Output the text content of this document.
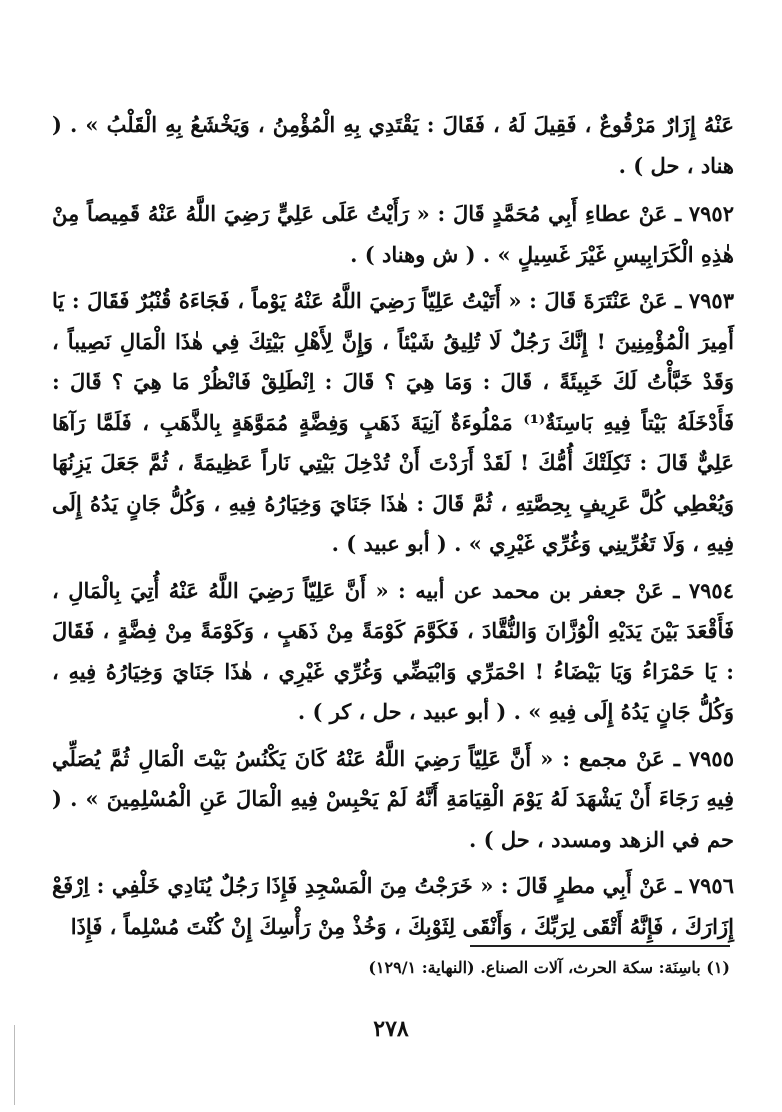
عَنْهُ إِزَارٌ مَرْقُوعٌ ، فَقِيلَ لَهُ ، فَقَالَ : يَقْتَدِي بِهِ الْمُؤْمِنُ ، وَيَخْشَعُ بِهِ الْقَلْبُ » . ( هناد ، حل ) .

٧٩٥٢ ـ عَنْ عطاءِ أَبِي مُحَمَّدٍ قَالَ : « رَأَيْتُ عَلَى عَلِيٍّ رَضِيَ اللَّهُ عَنْهُ قَمِيصاً مِنْ هٰذِهِ الْكَرَابِيسِ غَيْرَ غَسِيلٍ » . ( ش وهناد ) .

٧٩٥٣ ـ عَنْ عَنْتَرَةَ قَالَ : « أَتَيْتُ عَلِيّاً رَضِيَ اللَّهُ عَنْهُ يَوْماً ، فَجَاءَهُ قُنْبُرٌ فَقَالَ : يَا أَمِيرَ الْمُؤْمِنِينَ ! إِنَّكَ رَجُلٌ لَا تُلِيقُ شَيْئاً ، وَإِنَّ لِأَهْلِ بَيْتِكَ فِي هٰذَا الْمَالِ نَصِيباً ، وَقَدْ خَبَّأْتُ لَكَ خَبِيئَةً ، قَالَ : وَمَا هِيَ ؟ قَالَ : اِنْطَلِقْ فَانْظُرْ مَا هِيَ ؟ قَالَ : فَأَدْخَلَهُ بَيْتاً فِيهِ بَاسِنَةٌ⁽¹⁾ مَمْلُوءَةٌ آنِيَةَ ذَهَبٍ وَفِضَّةٍ مُمَوَّهَةٍ بِالذَّهَبِ ، فَلَمَّا رَآهَا عَلِيٌّ قَالَ : ثَكِلَتْكَ أُمُّكَ ! لَقَدْ أَرَدْتَ أَنْ تُدْخِلَ بَيْتِي نَاراً عَظِيمَةً ، ثُمَّ جَعَلَ يَزِنُهَا وَيُعْطِي كُلَّ عَرِيفٍ بِحِصَّتِهِ ، ثُمَّ قَالَ : هٰذَا جَنَايَ وَخِيَارُهُ فِيهِ ، وَكُلُّ جَانٍ يَدُهُ إِلَى فِيهِ ، وَلَا تَغُرِّينِي وَغُرِّي غَيْرِي » . ( أبو عبيد ) .

٧٩٥٤ ـ عَنْ جعفر بن محمد عن أبيه : « أَنَّ عَلِيّاً رَضِيَ اللَّهُ عَنْهُ أُتِيَ بِالْمَالِ ، فَأَقْعَدَ بَيْنَ يَدَيْهِ الْوُزَّانَ وَالنُّقَّادَ ، فَكَوَّمَ كَوْمَةً مِنْ ذَهَبٍ ، وَكَوْمَةً مِنْ فِضَّةٍ ، فَقَالَ : يَا حَمْرَاءُ وَيَا بَيْضَاءُ ! احْمَرِّي وَابْيَضِّي وَغُرِّي غَيْرِي ، هٰذَا جَنَايَ وَخِيَارُهُ فِيهِ ، وَكُلُّ جَانٍ يَدُهُ إِلَى فِيهِ » . ( أبو عبيد ، حل ، كر ) .

٧٩٥٥ ـ عَنْ مجمع : « أَنَّ عَلِيّاً رَضِيَ اللَّهُ عَنْهُ كَانَ يَكْنُسُ بَيْتَ الْمَالِ ثُمَّ يُصَلِّي فِيهِ رَجَاءَ أَنْ يَشْهَدَ لَهُ يَوْمَ الْقِيَامَةِ أَنَّهُ لَمْ يَحْبِسْ فِيهِ الْمَالَ عَنِ الْمُسْلِمِينَ » . ( حم في الزهد ومسدد ، حل ) .

٧٩٥٦ ـ عَنْ أَبِي مطرٍ قَالَ : « خَرَجْتُ مِنَ الْمَسْجِدِ فَإِذَا رَجُلٌ يُنَادِي خَلْفِي : اِرْفَعْ إِزَارَكَ ، فَإِنَّهُ أَتْقَى لِرَبِّكَ ، وَأَنْقَى لِثَوْبِكَ ، وَخُذْ مِنْ رَأْسِكَ إِنْ كُنْتَ مُسْلِماً ، فَإِذَا

(١) باسِنَة: سكة الحرث، آلات الصناع. (النهاية: ١٢٩/١)
٢٧٨
